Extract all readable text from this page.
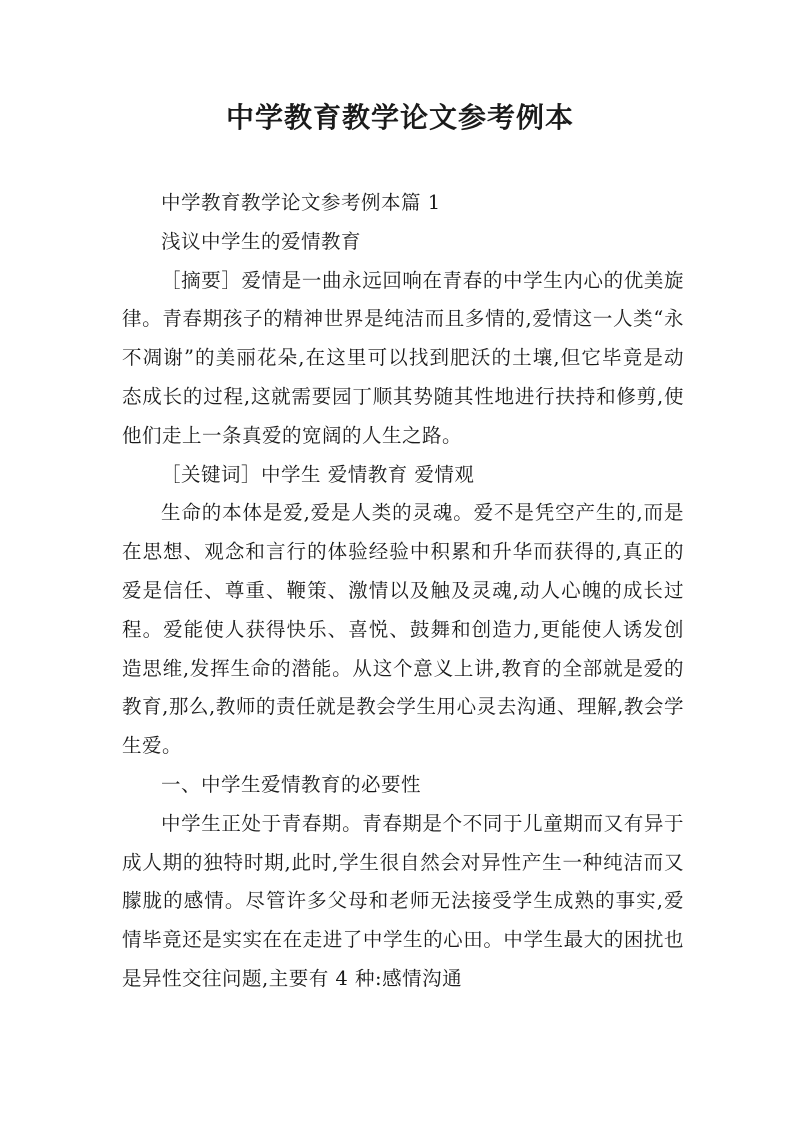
中学教育教学论文参考例本

中学教育教学论文参考例本篇 1

浅议中学生的爱情教育

［摘要］爱情是一曲永远回响在青春的中学生内心的优美旋律。青春期孩子的精神世界是纯洁而且多情的,爱情这一人类“永不凋谢”的美丽花朵,在这里可以找到肥沃的土壤,但它毕竟是动态成长的过程,这就需要园丁顺其势随其性地进行扶持和修剪,使他们走上一条真爱的宽阔的人生之路。

［关键词］中学生 爱情教育 爱情观

生命的本体是爱,爱是人类的灵魂。爱不是凭空产生的,而是在思想、观念和言行的体验经验中积累和升华而获得的,真正的爱是信任、尊重、鞭策、激情以及触及灵魂,动人心魄的成长过程。爱能使人获得快乐、喜悦、鼓舞和创造力,更能使人诱发创造思维,发挥生命的潜能。从这个意义上讲,教育的全部就是爱的教育,那么,教师的责任就是教会学生用心灵去沟通、理解,教会学生爱。

一、中学生爱情教育的必要性

中学生正处于青春期。青春期是个不同于儿童期而又有异于成人期的独特时期,此时,学生很自然会对异性产生一种纯洁而又朦胧的感情。尽管许多父母和老师无法接受学生成熟的事实,爱情毕竟还是实实在在走进了中学生的心田。中学生最大的困扰也是异性交往问题,主要有 4 种:感情沟通
